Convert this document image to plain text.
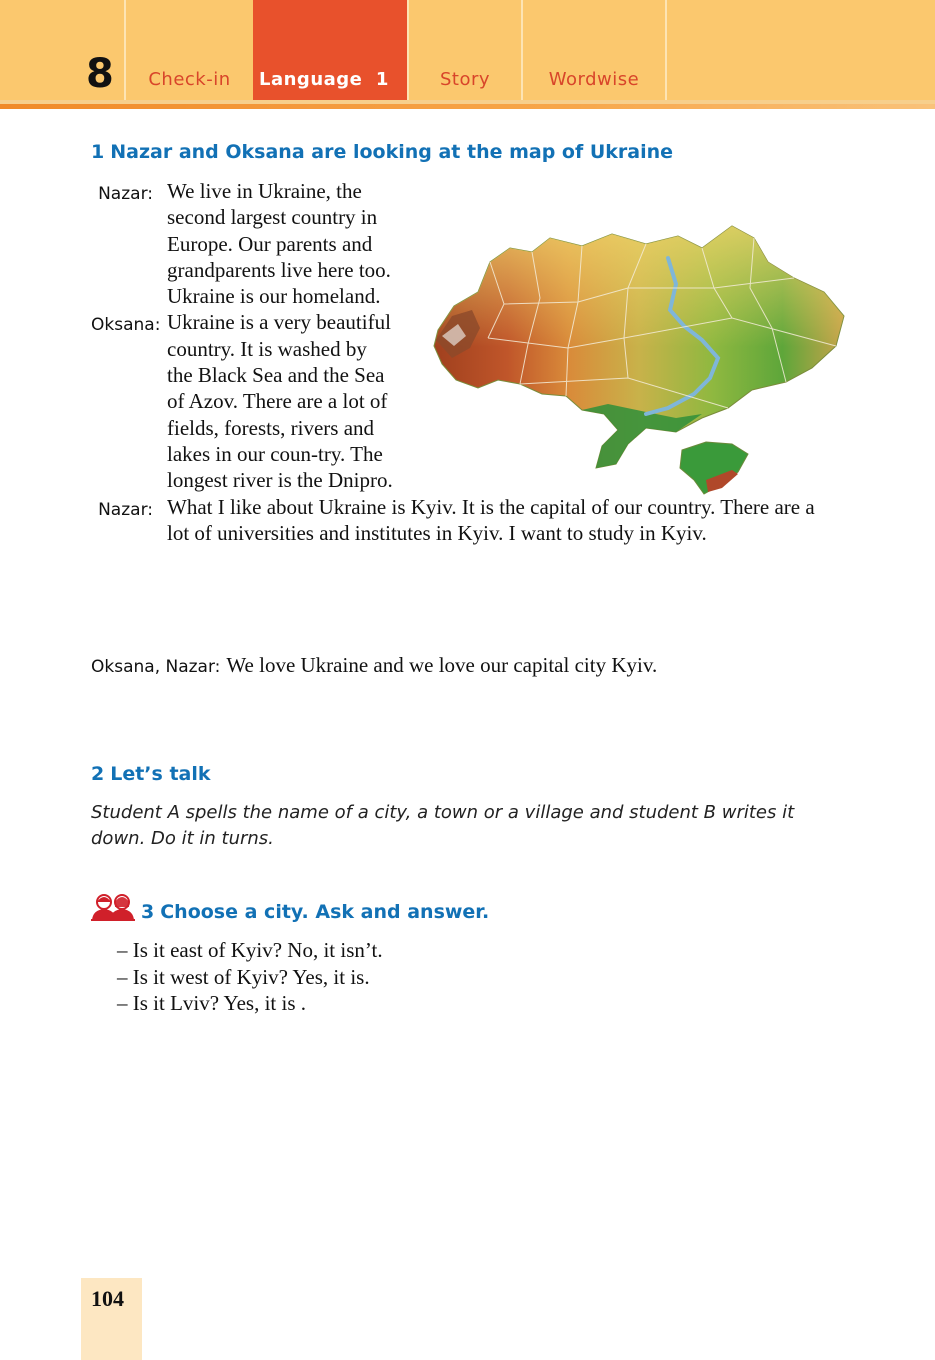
8	Check-in	Language  1	Story	Wordwise
1 Nazar and Oksana are looking at the map of Ukraine
Nazar: We live in Ukraine, the second largest country in Europe. Our parents and grandparents live here too. Ukraine is our homeland.
Oksana: Ukraine is a very beautiful country. It is washed by the Black Sea and the Sea of Azov. There are a lot of fields, forests, rivers and lakes in our coun-try. The longest river is the Dnipro.
Nazar: What I like about Ukraine is Kyiv. It is the capital of our country. There are a lot of universities and institutes in Kyiv. I want to study in Kyiv.
Oksana, Nazar: We love Ukraine and we love our capital city Kyiv.
2 Let’s talk
Student A spells the name of a city, a town or a village and student B writes it down. Do it in turns.
3 Choose a city. Ask and answer.
– Is it east of Kyiv? No, it isn’t.
– Is it west of Kyiv? Yes, it is.
– Is it Lviv? Yes, it is .
104
